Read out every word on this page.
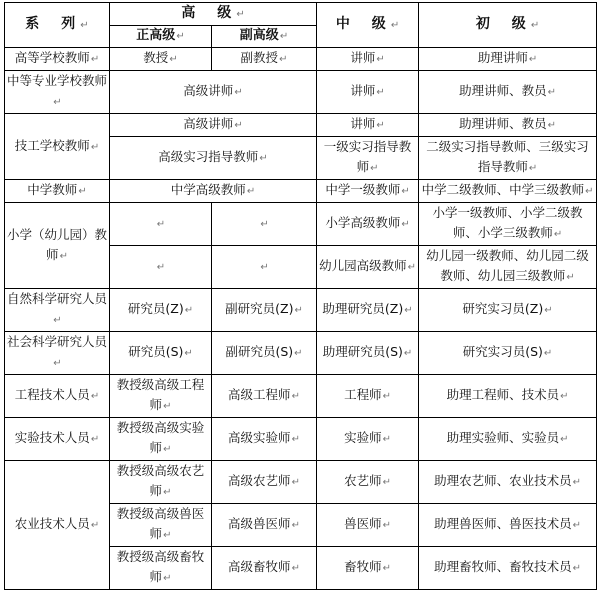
系　列↵	高　级↵		中　级↵	初　级↵
	正高级↵	副高级↵		
高等学校教师↵	教授↵	副教授↵	讲师↵	助理讲师↵
中等专业学校教师↵	高级讲师↵		讲师↵	助理讲师、教员↵
技工学校教师↵	高级讲师↵		讲师↵	助理讲师、教员↵
	高级实习指导教师↵		一级实习指导教师↵	二级实习指导教师、三级实习指导教师↵
中学教师↵	中学高级教师↵		中学一级教师↵	中学二级教师、中学三级教师↵
小学（幼儿园）教师↵	↵	↵	小学高级教师↵	小学一级教师、小学二级教师、小学三级教师↵
	↵	↵	幼儿园高级教师↵	幼儿园一级教师、幼儿园二级教师、幼儿园三级教师↵
自然科学研究人员↵	研究员(Z)↵	副研究员(Z)↵	助理研究员(Z)↵	研究实习员(Z)↵
社会科学研究人员↵	研究员(S)↵	副研究员(S)↵	助理研究员(S)↵	研究实习员(S)↵
工程技术人员↵	教授级高级工程师↵	高级工程师↵	工程师↵	助理工程师、技术员↵
实验技术人员↵	教授级高级实验师↵	高级实验师↵	实验师↵	助理实验师、实验员↵
农业技术人员↵	教授级高级农艺师↵	高级农艺师↵	农艺师↵	助理农艺师、农业技术员↵
	教授级高级兽医师↵	高级兽医师↵	兽医师↵	助理兽医师、兽医技术员↵
	教授级高级畜牧师↵	高级畜牧师↵	畜牧师↵	助理畜牧师、畜牧技术员↵
